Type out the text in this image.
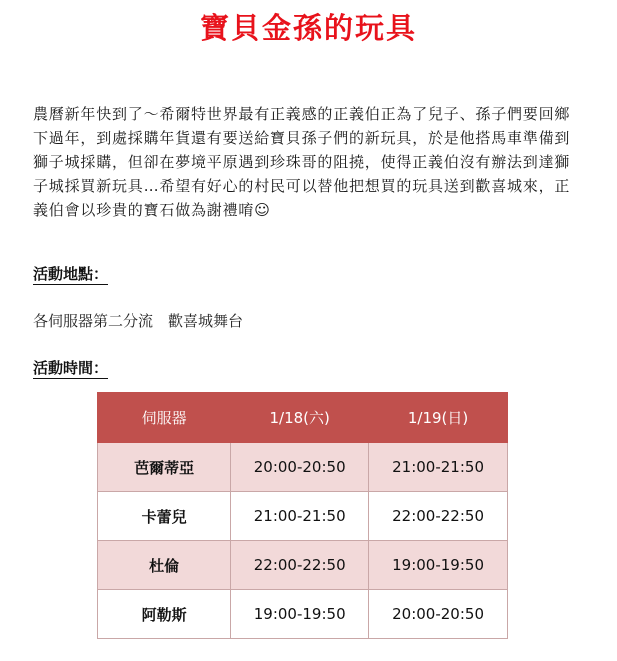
寶貝金孫的玩具
農曆新年快到了～希爾特世界最有正義感的正義伯正為了兒子、孫子們要回鄉下過年，到處採購年貨還有要送給寶貝孫子們的新玩具，於是他搭馬車準備到獅子城採購，但卻在夢境平原遇到珍珠哥的阻撓，使得正義伯沒有辦法到達獅子城採買新玩具…希望有好心的村民可以替他把想買的玩具送到歡喜城來，正義伯會以珍貴的寶石做為謝禮唷☺
活動地點：
各伺服器第二分流　歡喜城舞台
活動時間：
伺服器	1/18(六)	1/19(日)
芭爾蒂亞	20:00-20:50	21:00-21:50
卡蕾兒	21:00-21:50	22:00-22:50
杜倫	22:00-22:50	19:00-19:50
阿勒斯	19:00-19:50	20:00-20:50
